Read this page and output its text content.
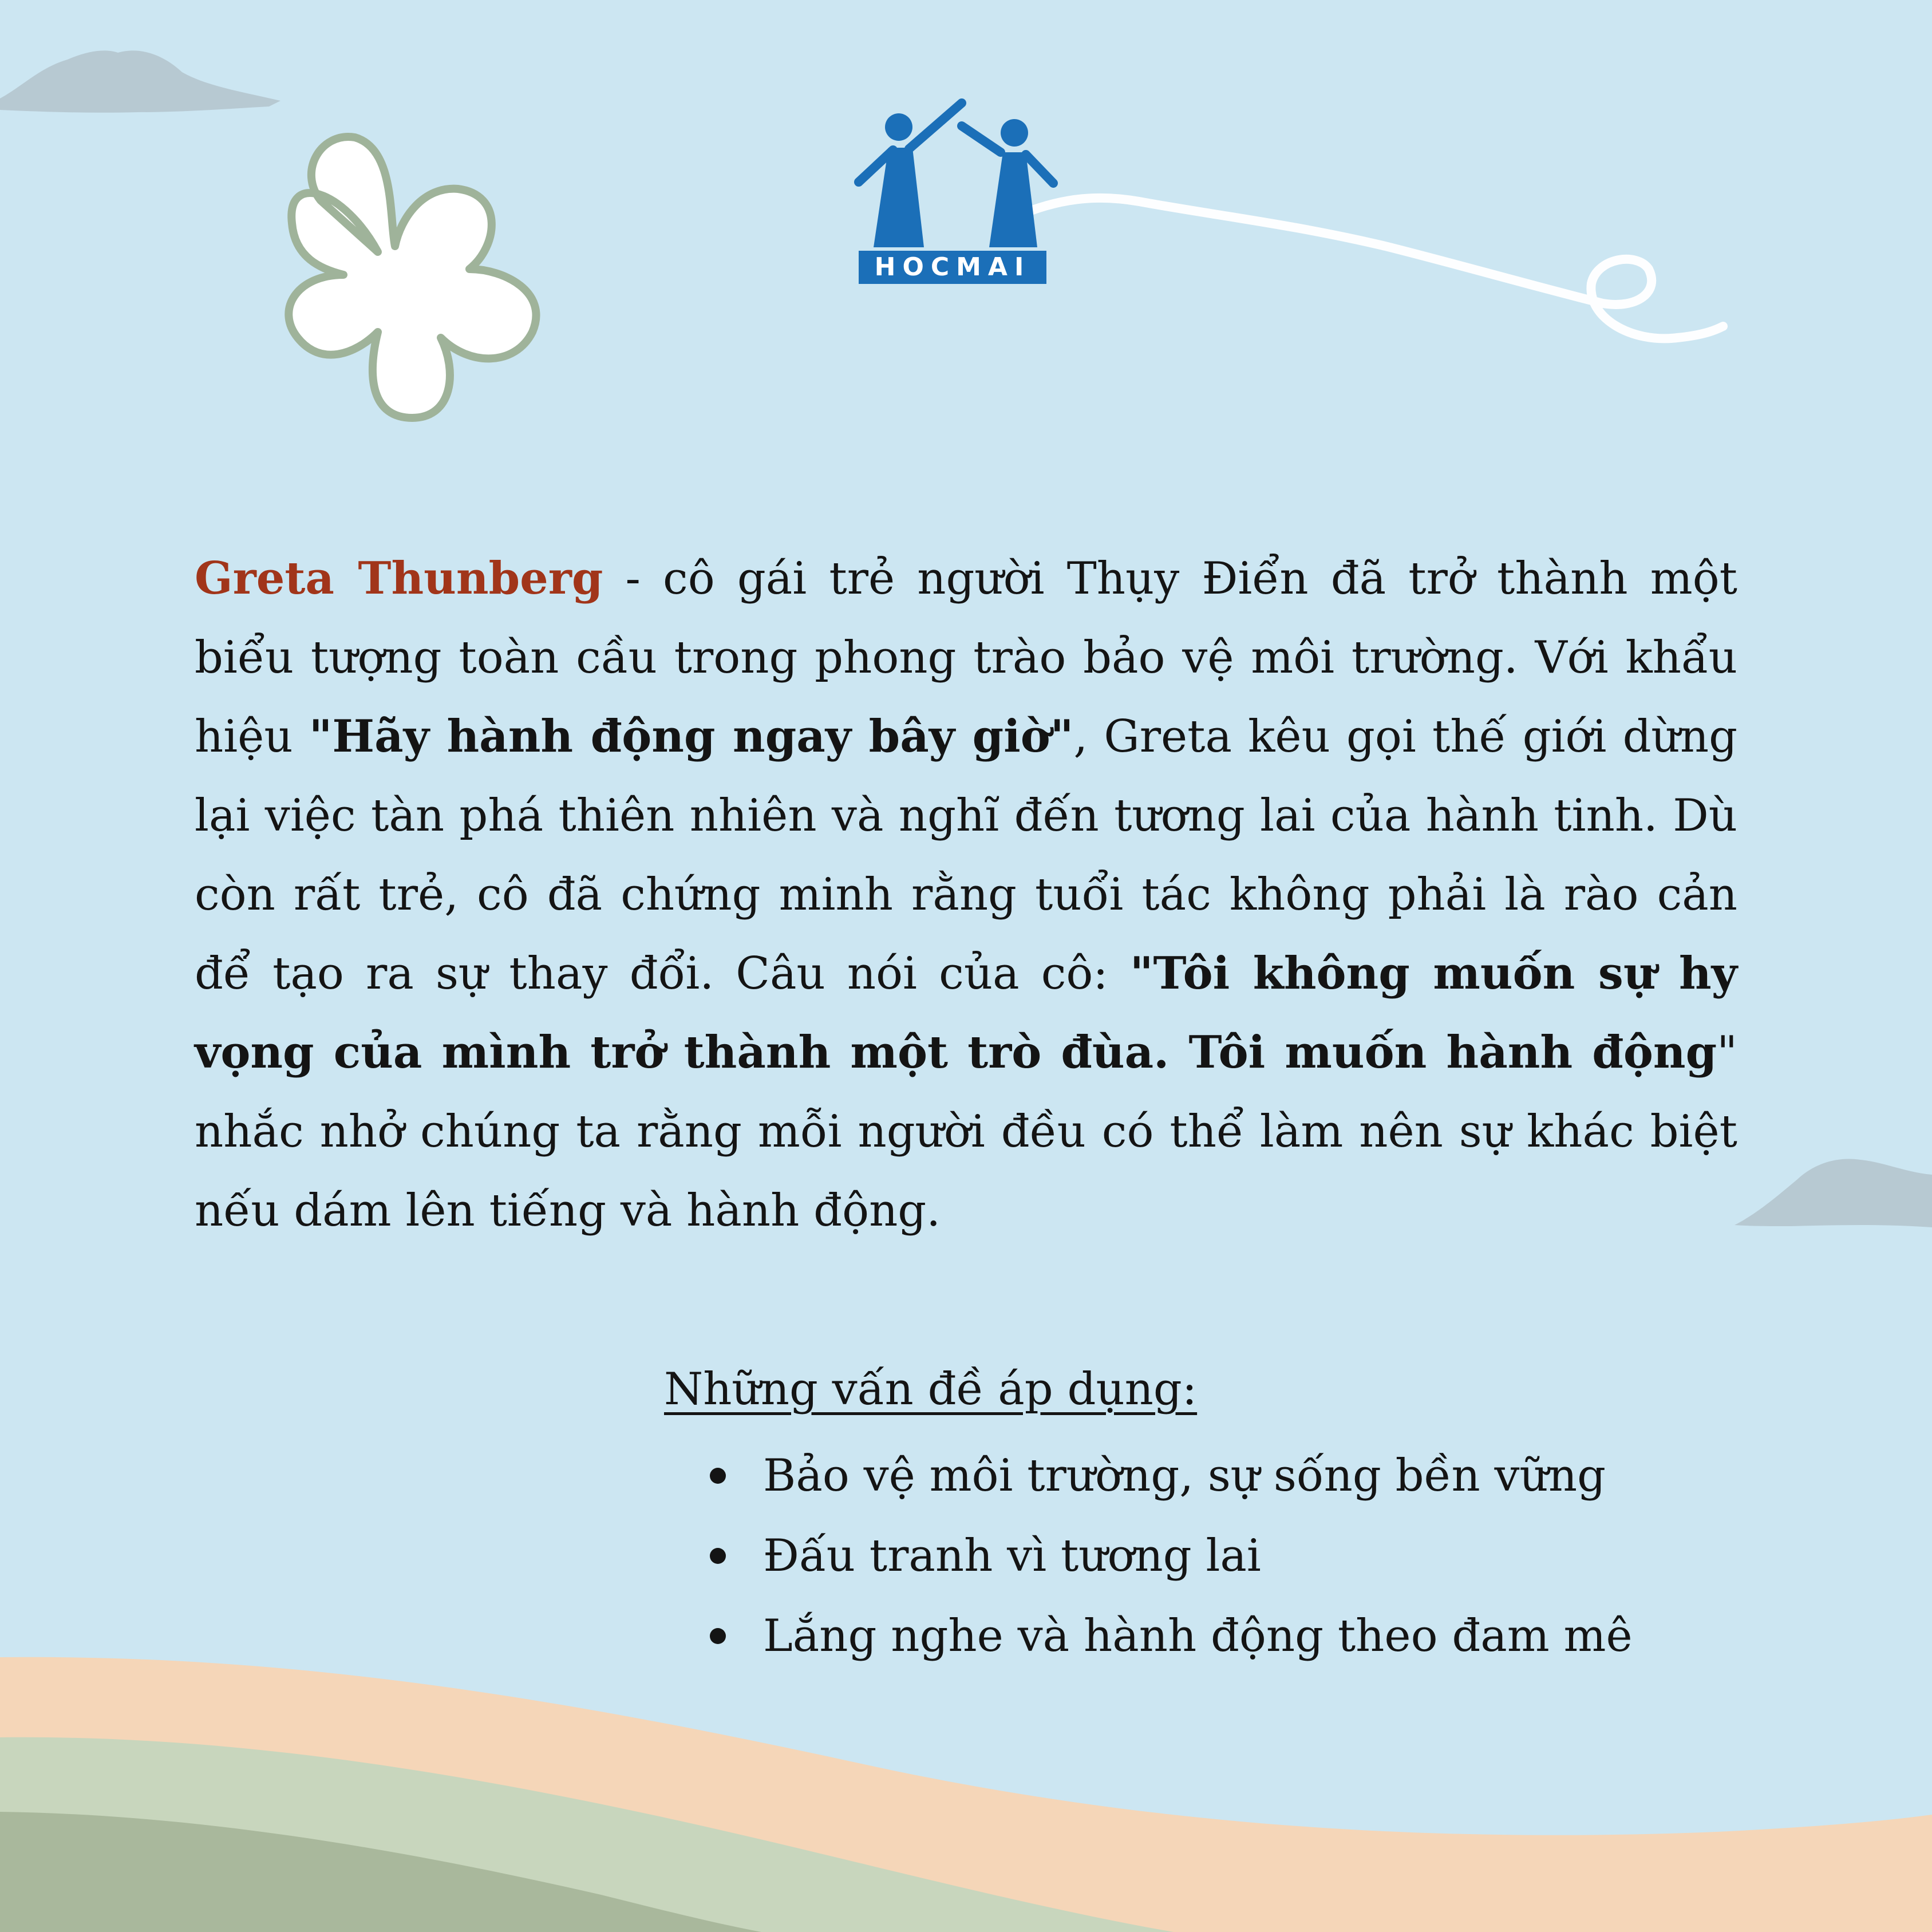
HOCMAI
Greta Thunberg - cô gái trẻ người Thụy Điển đã trở thành một biểu tượng toàn cầu trong phong trào bảo vệ môi trường. Với khẩu hiệu "Hãy hành động ngay bây giờ", Greta kêu gọi thế giới dừng lại việc tàn phá thiên nhiên và nghĩ đến tương lai của hành tinh. Dù còn rất trẻ, cô đã chứng minh rằng tuổi tác không phải là rào cản để tạo ra sự thay đổi. Câu nói của cô: "Tôi không muốn sự hy vọng của mình trở thành một trò đùa. Tôi muốn hành động" nhắc nhở chúng ta rằng mỗi người đều có thể làm nên sự khác biệt nếu dám lên tiếng và hành động.
Những vấn đề áp dụng:
Bảo vệ môi trường, sự sống bền vững
Đấu tranh vì tương lai
Lắng nghe và hành động theo đam mê
